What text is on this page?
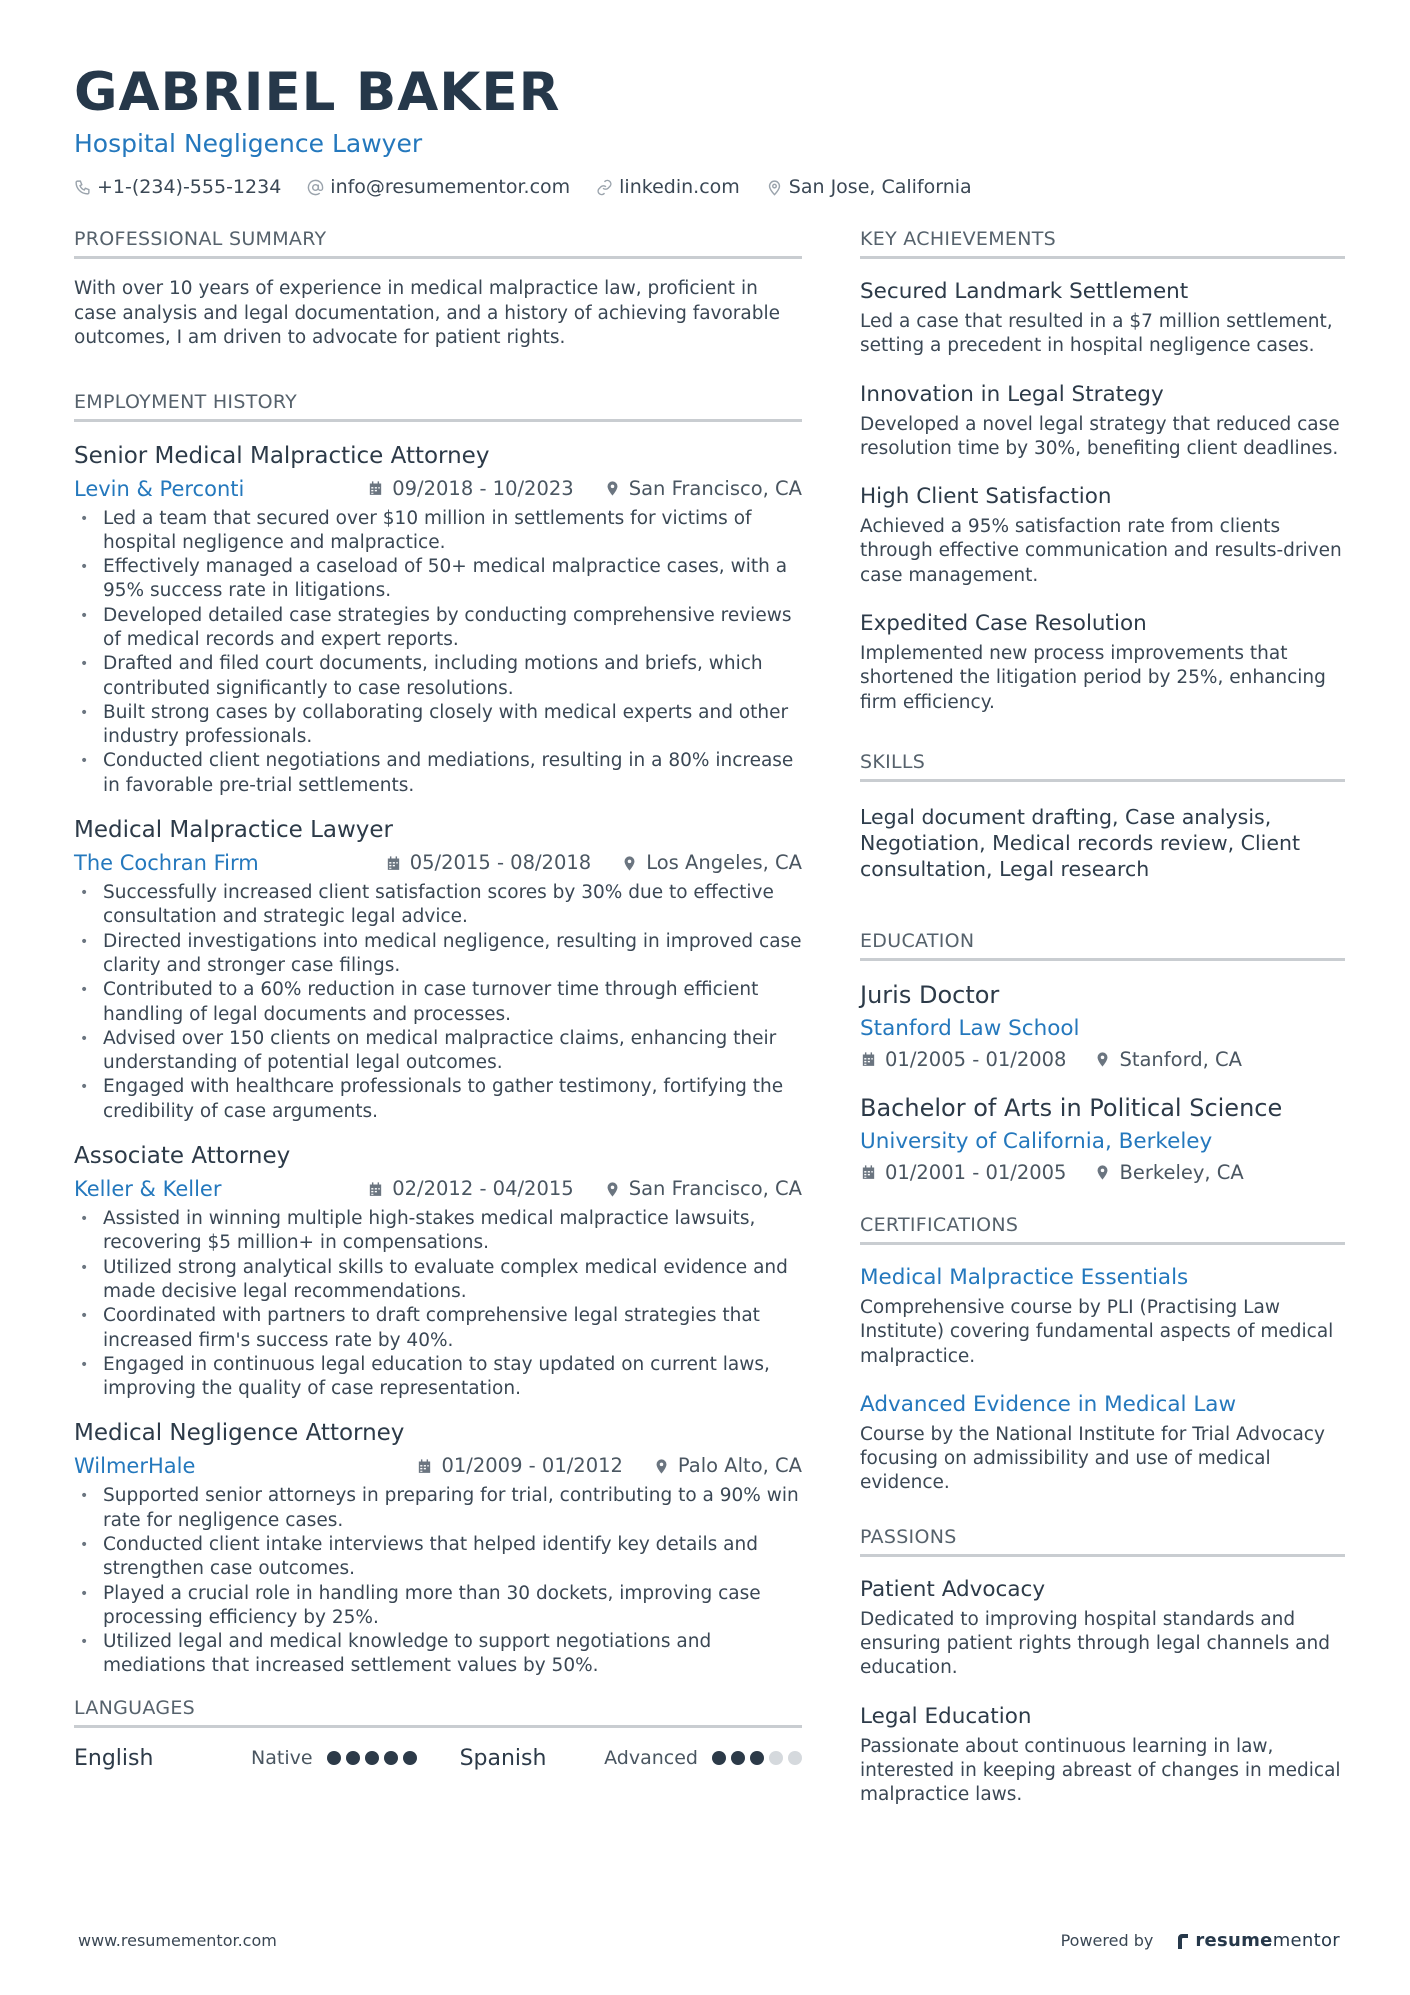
GABRIEL BAKER
Hospital Negligence Lawyer
+1-(234)-555-1234	info@resumementor.com	linkedin.com	San Jose, California
PROFESSIONAL SUMMARY
With over 10 years of experience in medical malpractice law, proficient in case analysis and legal documentation, and a history of achieving favorable outcomes, I am driven to advocate for patient rights.
EMPLOYMENT HISTORY
Senior Medical Malpractice Attorney
Levin & Perconti	09/2018 - 10/2023	San Francisco, CA
• Led a team that secured over $10 million in settlements for victims of hospital negligence and malpractice.
• Effectively managed a caseload of 50+ medical malpractice cases, with a 95% success rate in litigations.
• Developed detailed case strategies by conducting comprehensive reviews of medical records and expert reports.
• Drafted and filed court documents, including motions and briefs, which contributed significantly to case resolutions.
• Built strong cases by collaborating closely with medical experts and other industry professionals.
• Conducted client negotiations and mediations, resulting in a 80% increase in favorable pre-trial settlements.
Medical Malpractice Lawyer
The Cochran Firm	05/2015 - 08/2018	Los Angeles, CA
• Successfully increased client satisfaction scores by 30% due to effective consultation and strategic legal advice.
• Directed investigations into medical negligence, resulting in improved case clarity and stronger case filings.
• Contributed to a 60% reduction in case turnover time through efficient handling of legal documents and processes.
• Advised over 150 clients on medical malpractice claims, enhancing their understanding of potential legal outcomes.
• Engaged with healthcare professionals to gather testimony, fortifying the credibility of case arguments.
Associate Attorney
Keller & Keller	02/2012 - 04/2015	San Francisco, CA
• Assisted in winning multiple high-stakes medical malpractice lawsuits, recovering $5 million+ in compensations.
• Utilized strong analytical skills to evaluate complex medical evidence and made decisive legal recommendations.
• Coordinated with partners to draft comprehensive legal strategies that increased firm's success rate by 40%.
• Engaged in continuous legal education to stay updated on current laws, improving the quality of case representation.
Medical Negligence Attorney
WilmerHale	01/2009 - 01/2012	Palo Alto, CA
• Supported senior attorneys in preparing for trial, contributing to a 90% win rate for negligence cases.
• Conducted client intake interviews that helped identify key details and strengthen case outcomes.
• Played a crucial role in handling more than 30 dockets, improving case processing efficiency by 25%.
• Utilized legal and medical knowledge to support negotiations and mediations that increased settlement values by 50%.
LANGUAGES
English	Native	Spanish	Advanced
KEY ACHIEVEMENTS
Secured Landmark Settlement
Led a case that resulted in a $7 million settlement, setting a precedent in hospital negligence cases.
Innovation in Legal Strategy
Developed a novel legal strategy that reduced case resolution time by 30%, benefiting client deadlines.
High Client Satisfaction
Achieved a 95% satisfaction rate from clients through effective communication and results-driven case management.
Expedited Case Resolution
Implemented new process improvements that shortened the litigation period by 25%, enhancing firm efficiency.
SKILLS
Legal document drafting, Case analysis, Negotiation, Medical records review, Client consultation, Legal research
EDUCATION
Juris Doctor
Stanford Law School
01/2005 - 01/2008	Stanford, CA
Bachelor of Arts in Political Science
University of California, Berkeley
01/2001 - 01/2005	Berkeley, CA
CERTIFICATIONS
Medical Malpractice Essentials
Comprehensive course by PLI (Practising Law Institute) covering fundamental aspects of medical malpractice.
Advanced Evidence in Medical Law
Course by the National Institute for Trial Advocacy focusing on admissibility and use of medical evidence.
PASSIONS
Patient Advocacy
Dedicated to improving hospital standards and ensuring patient rights through legal channels and education.
Legal Education
Passionate about continuous learning in law, interested in keeping abreast of changes in medical malpractice laws.
www.resumementor.com	Powered by resumementor
